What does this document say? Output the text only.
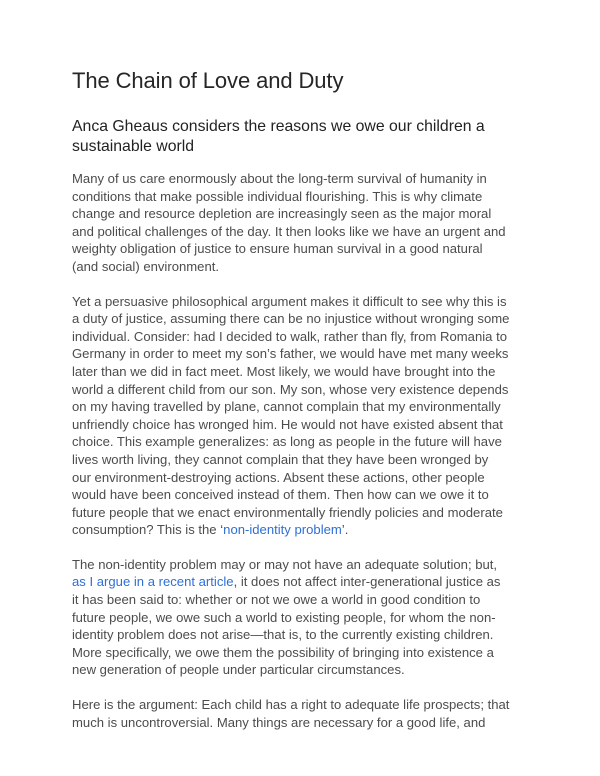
The Chain of Love and Duty
Anca Gheaus considers the reasons we owe our children a
sustainable world

Many of us care enormously about the long-term survival of humanity in
conditions that make possible individual flourishing. This is why climate
change and resource depletion are increasingly seen as the major moral
and political challenges of the day. It then looks like we have an urgent and
weighty obligation of justice to ensure human survival in a good natural
(and social) environment.

Yet a persuasive philosophical argument makes it difficult to see why this is
a duty of justice, assuming there can be no injustice without wronging some
individual. Consider: had I decided to walk, rather than fly, from Romania to
Germany in order to meet my son’s father, we would have met many weeks
later than we did in fact meet. Most likely, we would have brought into the
world a different child from our son. My son, whose very existence depends
on my having travelled by plane, cannot complain that my environmentally
unfriendly choice has wronged him. He would not have existed absent that
choice. This example generalizes: as long as people in the future will have
lives worth living, they cannot complain that they have been wronged by
our environment-destroying actions. Absent these actions, other people
would have been conceived instead of them. Then how can we owe it to
future people that we enact environmentally friendly policies and moderate
consumption? This is the ‘non-identity problem’.

The non-identity problem may or may not have an adequate solution; but,
as I argue in a recent article, it does not affect inter-generational justice as
it has been said to: whether or not we owe a world in good condition to
future people, we owe such a world to existing people, for whom the non-
identity problem does not arise—that is, to the currently existing children.
More specifically, we owe them the possibility of bringing into existence a
new generation of people under particular circumstances.

Here is the argument: Each child has a right to adequate life prospects; that
much is uncontroversial. Many things are necessary for a good life, and
